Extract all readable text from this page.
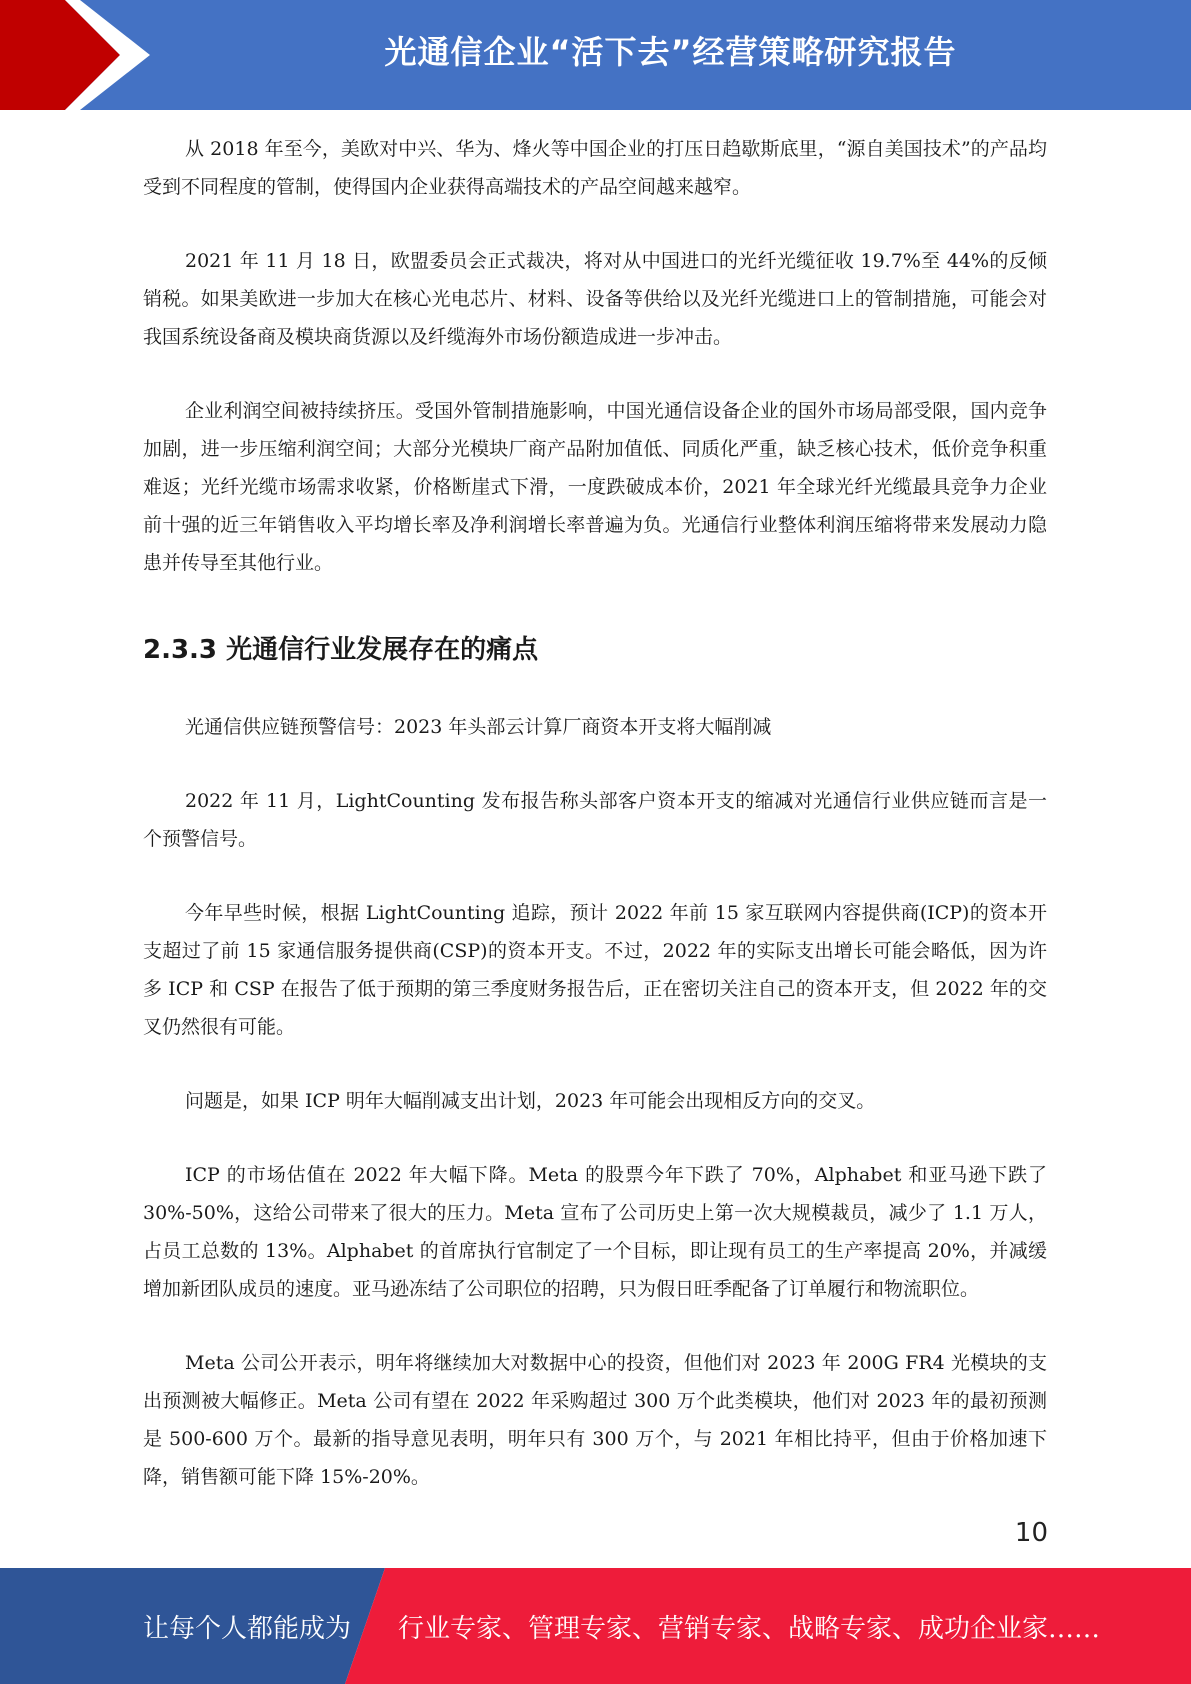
光通信企业“活下去”经营策略研究报告

从 2018 年至今，美欧对中兴、华为、烽火等中国企业的打压日趋歇斯底里，“源自美国技术”的产品均受到不同程度的管制，使得国内企业获得高端技术的产品空间越来越窄。

2021 年 11 月 18 日，欧盟委员会正式裁决，将对从中国进口的光纤光缆征收 19.7%至 44%的反倾销税。如果美欧进一步加大在核心光电芯片、材料、设备等供给以及光纤光缆进口上的管制措施，可能会对我国系统设备商及模块商货源以及纤缆海外市场份额造成进一步冲击。

企业利润空间被持续挤压。受国外管制措施影响，中国光通信设备企业的国外市场局部受限，国内竞争加剧，进一步压缩利润空间；大部分光模块厂商产品附加值低、同质化严重，缺乏核心技术，低价竞争积重难返；光纤光缆市场需求收紧，价格断崖式下滑，一度跌破成本价，2021 年全球光纤光缆最具竞争力企业前十强的近三年销售收入平均增长率及净利润增长率普遍为负。光通信行业整体利润压缩将带来发展动力隐患并传导至其他行业。

2.3.3 光通信行业发展存在的痛点

光通信供应链预警信号：2023 年头部云计算厂商资本开支将大幅削减

2022 年 11 月，LightCounting 发布报告称头部客户资本开支的缩减对光通信行业供应链而言是一个预警信号。

今年早些时候，根据 LightCounting 追踪，预计 2022 年前 15 家互联网内容提供商(ICP)的资本开支超过了前 15 家通信服务提供商(CSP)的资本开支。不过，2022 年的实际支出增长可能会略低，因为许多 ICP 和 CSP 在报告了低于预期的第三季度财务报告后，正在密切关注自己的资本开支，但 2022 年的交叉仍然很有可能。

问题是，如果 ICP 明年大幅削减支出计划，2023 年可能会出现相反方向的交叉。

ICP 的市场估值在 2022 年大幅下降。Meta 的股票今年下跌了 70%，Alphabet 和亚马逊下跌了 30%-50%，这给公司带来了很大的压力。Meta 宣布了公司历史上第一次大规模裁员，减少了 1.1 万人，占员工总数的 13%。Alphabet 的首席执行官制定了一个目标，即让现有员工的生产率提高 20%，并减缓增加新团队成员的速度。亚马逊冻结了公司职位的招聘，只为假日旺季配备了订单履行和物流职位。

Meta 公司公开表示，明年将继续加大对数据中心的投资，但他们对 2023 年 200G FR4 光模块的支出预测被大幅修正。Meta 公司有望在 2022 年采购超过 300 万个此类模块，他们对 2023 年的最初预测是 500-600 万个。最新的指导意见表明，明年只有 300 万个，与 2021 年相比持平，但由于价格加速下降，销售额可能下降 15%-20%。

10
让每个人都能成为 行业专家、管理专家、营销专家、战略专家、成功企业家……
